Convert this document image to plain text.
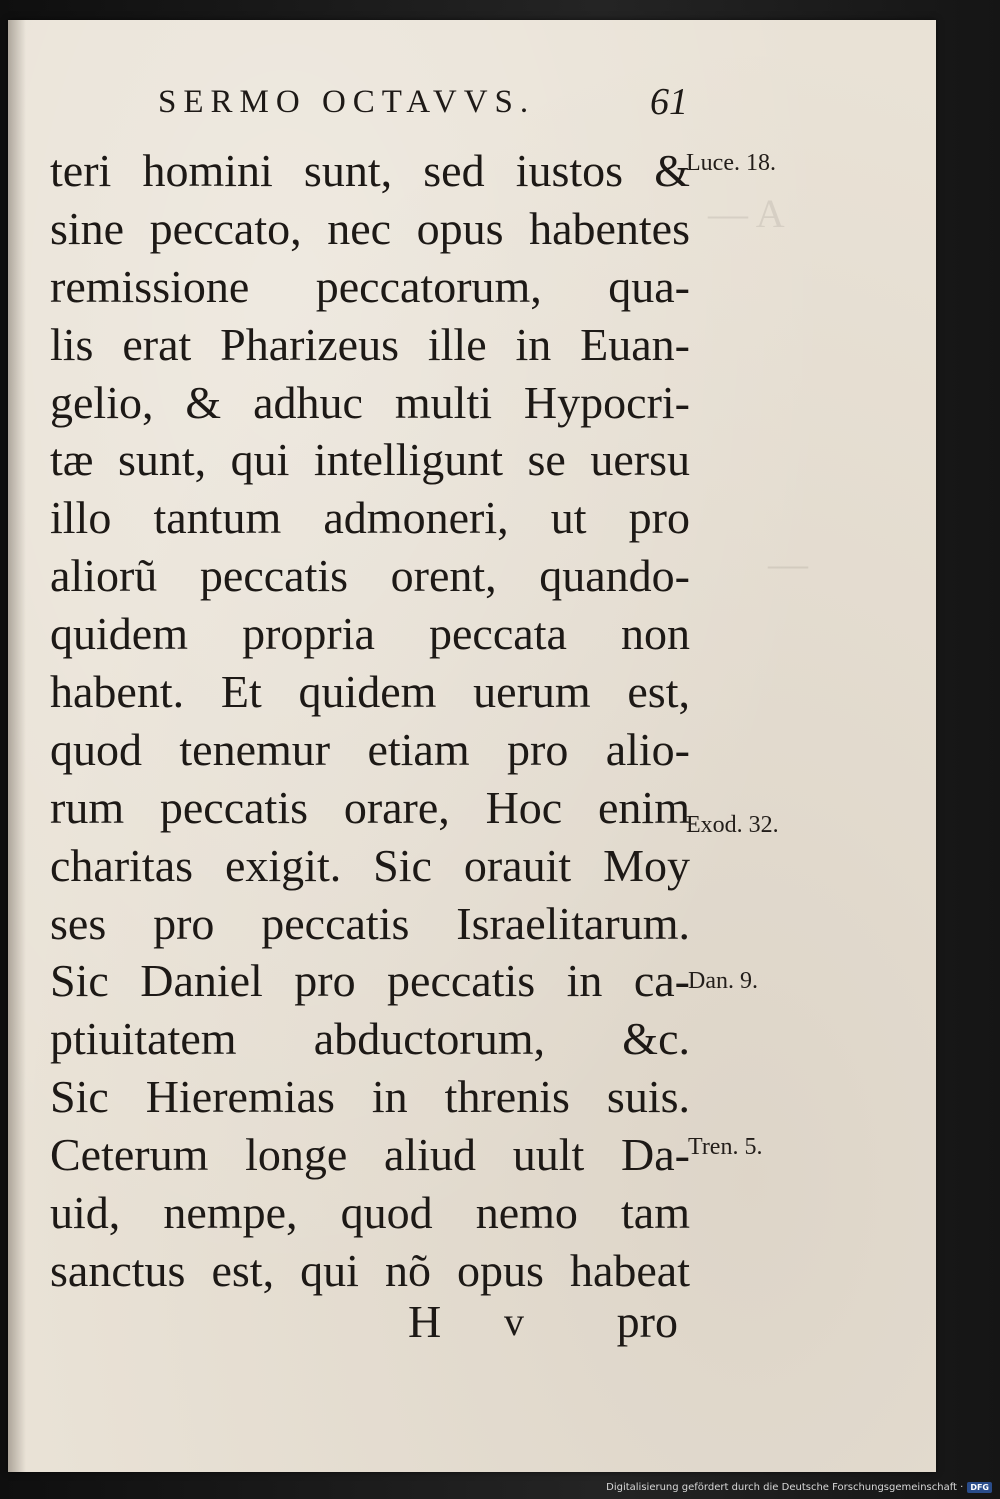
— A
—
SERMO OCTAVVS.	61
teri homini sunt, sed iustos &
sine peccato, nec opus habentes
remissione peccatorum, qua-
lis erat Pharizeus ille in Euan-
gelio, & adhuc multi Hypocri-
tæ sunt, qui intelligunt se uersu
illo tantum admoneri, ut pro
aliorũ peccatis orent, quando-
quidem propria peccata non
habent. Et quidem uerum est,
quod tenemur etiam pro alio-
rum peccatis orare, Hoc enim
charitas exigit. Sic orauit Moy
ses pro peccatis Israelitarum.
Sic Daniel pro peccatis in ca-
ptiuitatem abductorum, &c.
Sic Hieremias in threnis suis.
Ceterum longe aliud uult Da-
uid, nempe, quod nemo tam
sanctus est, qui nõ opus habeat
H v pro
Luce. 18.
Exod. 32.
Dan. 9.
Tren. 5.
Digitalisierung gefördert durch die Deutsche Forschungsgemeinschaft · DFG
